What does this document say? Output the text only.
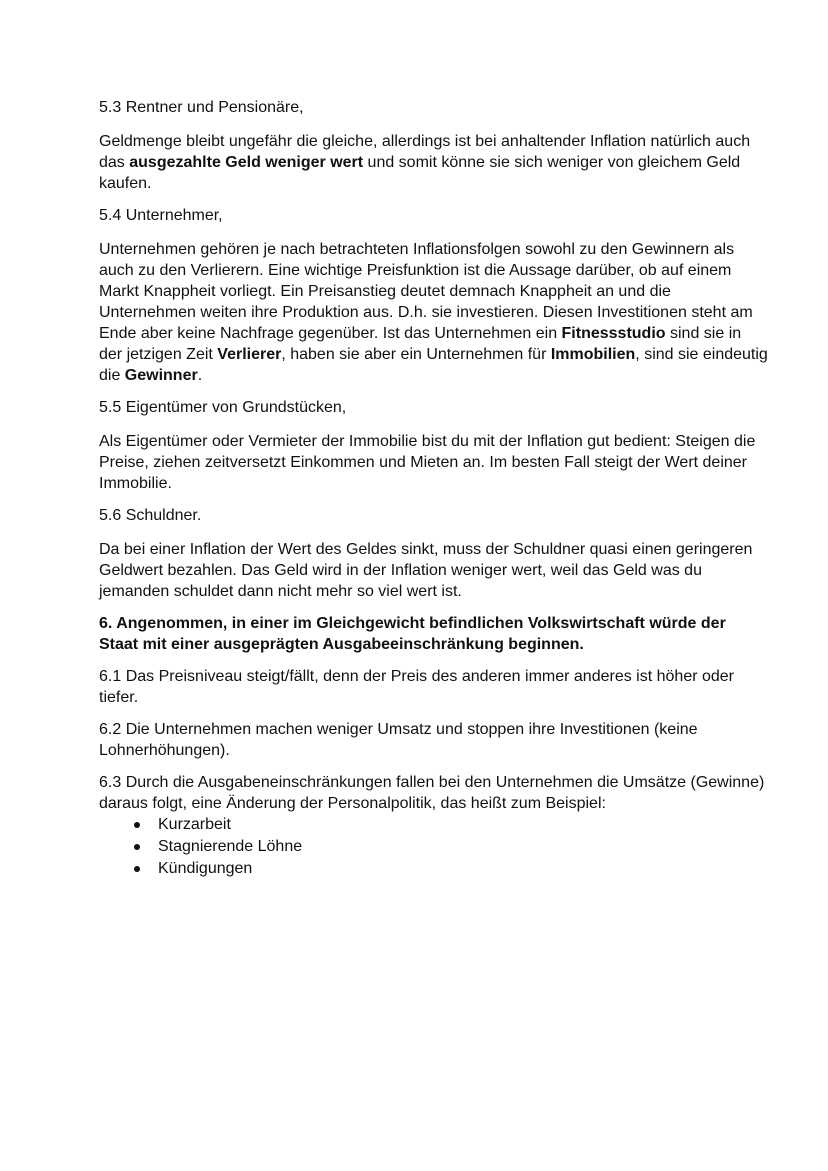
5.3 Rentner und Pensionäre,

Geldmenge bleibt ungefähr die gleiche, allerdings ist bei anhaltender Inflation natürlich auch das ausgezahlte Geld weniger wert und somit könne sie sich weniger von gleichem Geld kaufen.

5.4 Unternehmer,

Unternehmen gehören je nach betrachteten Inflationsfolgen sowohl zu den Gewinnern als auch zu den Verlierern. Eine wichtige Preisfunktion ist die Aussage darüber, ob auf einem Markt Knappheit vorliegt. Ein Preisanstieg deutet demnach Knappheit an und die Unternehmen weiten ihre Produktion aus. D.h. sie investieren. Diesen Investitionen steht am Ende aber keine Nachfrage gegenüber. Ist das Unternehmen ein Fitnessstudio sind sie in der jetzigen Zeit Verlierer, haben sie aber ein Unternehmen für Immobilien, sind sie eindeutig die Gewinner.

5.5 Eigentümer von Grundstücken,

Als Eigentümer oder Vermieter der Immobilie bist du mit der Inflation gut bedient: Steigen die Preise, ziehen zeitversetzt Einkommen und Mieten an. Im besten Fall steigt der Wert deiner Immobilie.

5.6 Schuldner.

Da bei einer Inflation der Wert des Geldes sinkt, muss der Schuldner quasi einen geringeren Geldwert bezahlen. Das Geld wird in der Inflation weniger wert, weil das Geld was du jemanden schuldet dann nicht mehr so viel wert ist.

6. Angenommen, in einer im Gleichgewicht befindlichen Volkswirtschaft würde der Staat mit einer ausgeprägten Ausgabeeinschränkung beginnen.

6.1 Das Preisniveau steigt/fällt, denn der Preis des anderen immer anderes ist höher oder tiefer.

6.2 Die Unternehmen machen weniger Umsatz und stoppen ihre Investitionen (keine Lohnerhöhungen).

6.3 Durch die Ausgabeneinschränkungen fallen bei den Unternehmen die Umsätze (Gewinne) daraus folgt, eine Änderung der Personalpolitik, das heißt zum Beispiel:

Kurzarbeit
Stagnierende Löhne
Kündigungen
